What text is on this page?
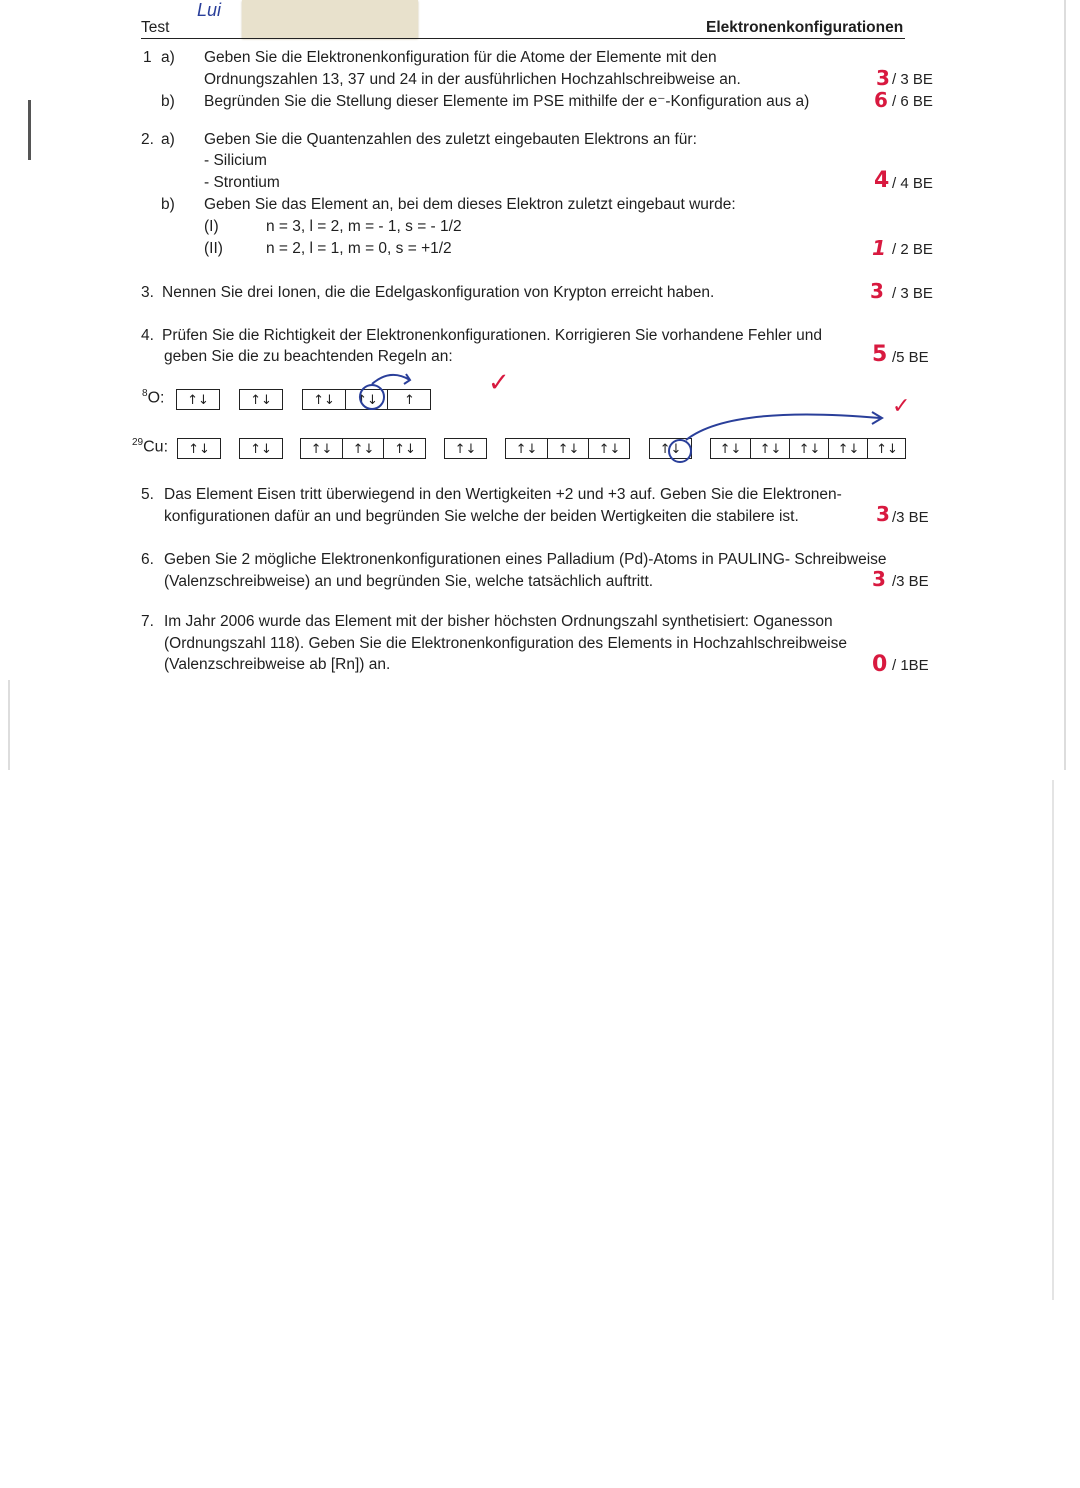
Test
Lui
Elektronenkonfigurationen
1 a) Geben Sie die Elektronenkonfiguration für die Atome der Elemente mit den
Ordnungszahlen 13, 37 und 24 in der ausführlichen Hochzahlschreibweise an.	3 / 3 BE
b) Begründen Sie die Stellung dieser Elemente im PSE mithilfe der e⁻-Konfiguration aus a)	6 / 6 BE
2. a) Geben Sie die Quantenzahlen des zuletzt eingebauten Elektrons an für:
- Silicium
- Strontium	4 / 4 BE
b) Geben Sie das Element an, bei dem dieses Elektron zuletzt eingebaut wurde:
(I)	n = 3, l = 2, m = - 1, s = - 1/2
(II)	n = 2, l = 1, m = 0, s = +1/2	1 / 2 BE
3. Nennen Sie drei Ionen, die die Edelgaskonfiguration von Krypton erreicht haben.	3 / 3 BE
4. Prüfen Sie die Richtigkeit der Elektronenkonfigurationen. Korrigieren Sie vorhandene Fehler und
geben Sie die zu beachtenden Regeln an:	5 /5 BE
$^8$O:	↑↓	↑↓	↑↓	↑↓	↑
✓
$^{29}$Cu:	↑↓	↑↓	↑↓	↑↓	↑↓	↑↓	↑↓	↑↓	↑↓	↑↓	↑↓	↑↓	↑↓	↑↓	↑↓
✓
5. Das Element Eisen tritt überwiegend in den Wertigkeiten +2 und +3 auf. Geben Sie die Elektronen-
konfigurationen dafür an und begründen Sie welche der beiden Wertigkeiten die stabilere ist.	3 /3 BE
6. Geben Sie 2 mögliche Elektronenkonfigurationen eines Palladium (Pd)-Atoms in PAULING- Schreibweise
(Valenzschreibweise) an und begründen Sie, welche tatsächlich auftritt.	3 /3 BE
7. Im Jahr 2006 wurde das Element mit der bisher höchsten Ordnungszahl synthetisiert: Oganesson
(Ordnungszahl 118). Geben Sie die Elektronenkonfiguration des Elements in Hochzahlschreibweise
(Valenzschreibweise ab [Rn]) an.	0 / 1BE
